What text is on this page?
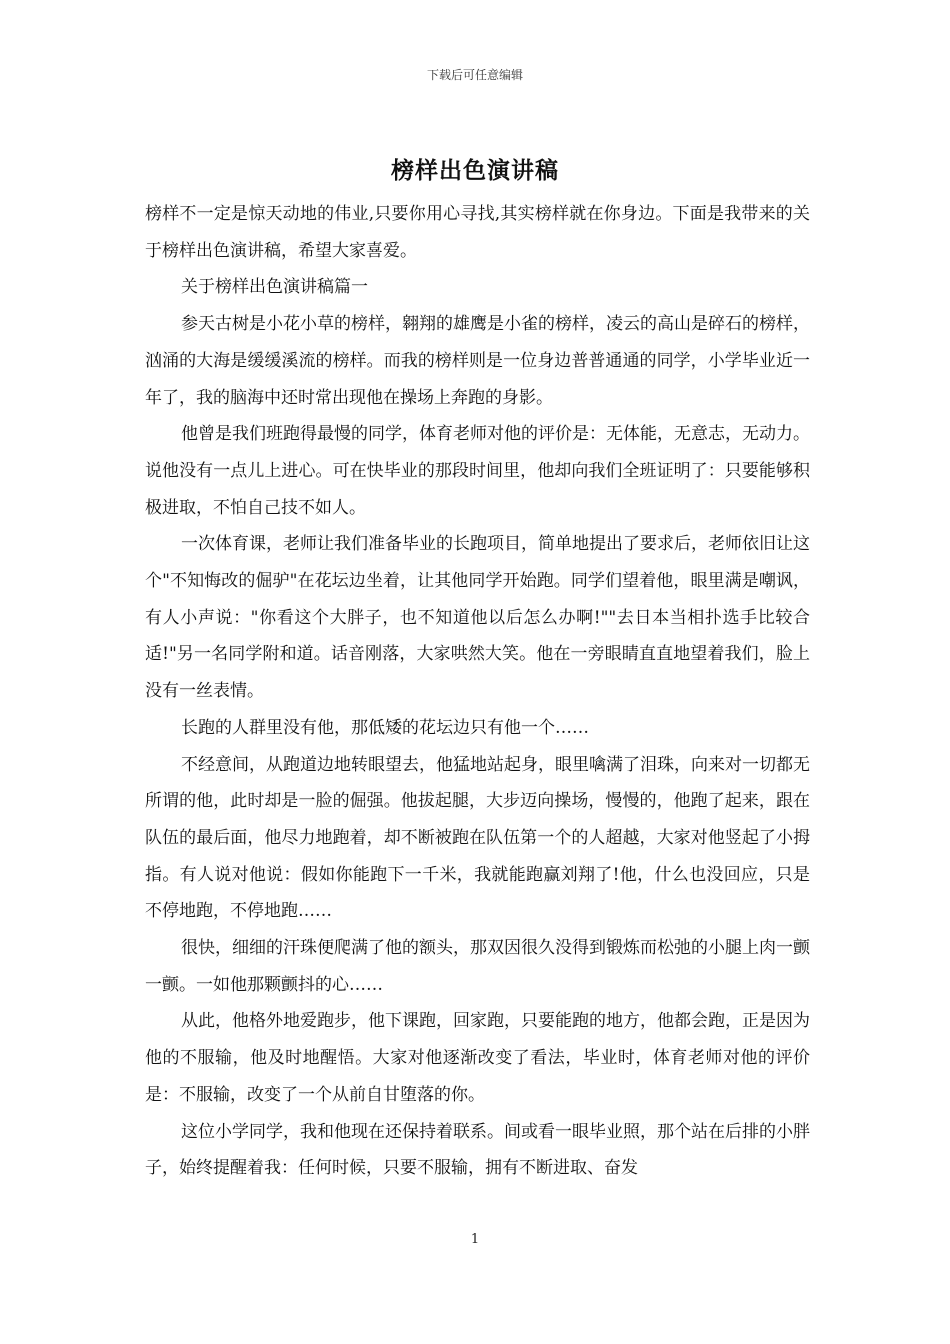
下载后可任意编辑
榜样出色演讲稿

榜样不一定是惊天动地的伟业,只要你用心寻找,其实榜样就在你身边。下面是我带来的关于榜样出色演讲稿，希望大家喜爱。

关于榜样出色演讲稿篇一

参天古树是小花小草的榜样，翱翔的雄鹰是小雀的榜样，凌云的高山是碎石的榜样，汹涌的大海是缓缓溪流的榜样。而我的榜样则是一位身边普普通通的同学，小学毕业近一年了，我的脑海中还时常出现他在操场上奔跑的身影。

他曾是我们班跑得最慢的同学，体育老师对他的评价是：无体能，无意志，无动力。说他没有一点儿上进心。可在快毕业的那段时间里，他却向我们全班证明了：只要能够积极进取，不怕自己技不如人。

一次体育课，老师让我们准备毕业的长跑项目，简单地提出了要求后，老师依旧让这个"不知悔改的倔驴"在花坛边坐着，让其他同学开始跑。同学们望着他，眼里满是嘲讽，有人小声说："你看这个大胖子，也不知道他以后怎么办啊!""去日本当相扑选手比较合适!"另一名同学附和道。话音刚落，大家哄然大笑。他在一旁眼睛直直地望着我们，脸上没有一丝表情。

长跑的人群里没有他，那低矮的花坛边只有他一个……

不经意间，从跑道边地转眼望去，他猛地站起身，眼里噙满了泪珠，向来对一切都无所谓的他，此时却是一脸的倔强。他拔起腿，大步迈向操场，慢慢的，他跑了起来，跟在队伍的最后面，他尽力地跑着，却不断被跑在队伍第一个的人超越，大家对他竖起了小拇指。有人说对他说：假如你能跑下一千米，我就能跑赢刘翔了!他，什么也没回应，只是不停地跑，不停地跑……

很快，细细的汗珠便爬满了他的额头，那双因很久没得到锻炼而松弛的小腿上肉一颤一颤。一如他那颗颤抖的心……

从此，他格外地爱跑步，他下课跑，回家跑，只要能跑的地方，他都会跑，正是因为他的不服输，他及时地醒悟。大家对他逐渐改变了看法，毕业时，体育老师对他的评价是：不服输，改变了一个从前自甘堕落的你。

这位小学同学，我和他现在还保持着联系。间或看一眼毕业照，那个站在后排的小胖子，始终提醒着我：任何时候，只要不服输，拥有不断进取、奋发

1
